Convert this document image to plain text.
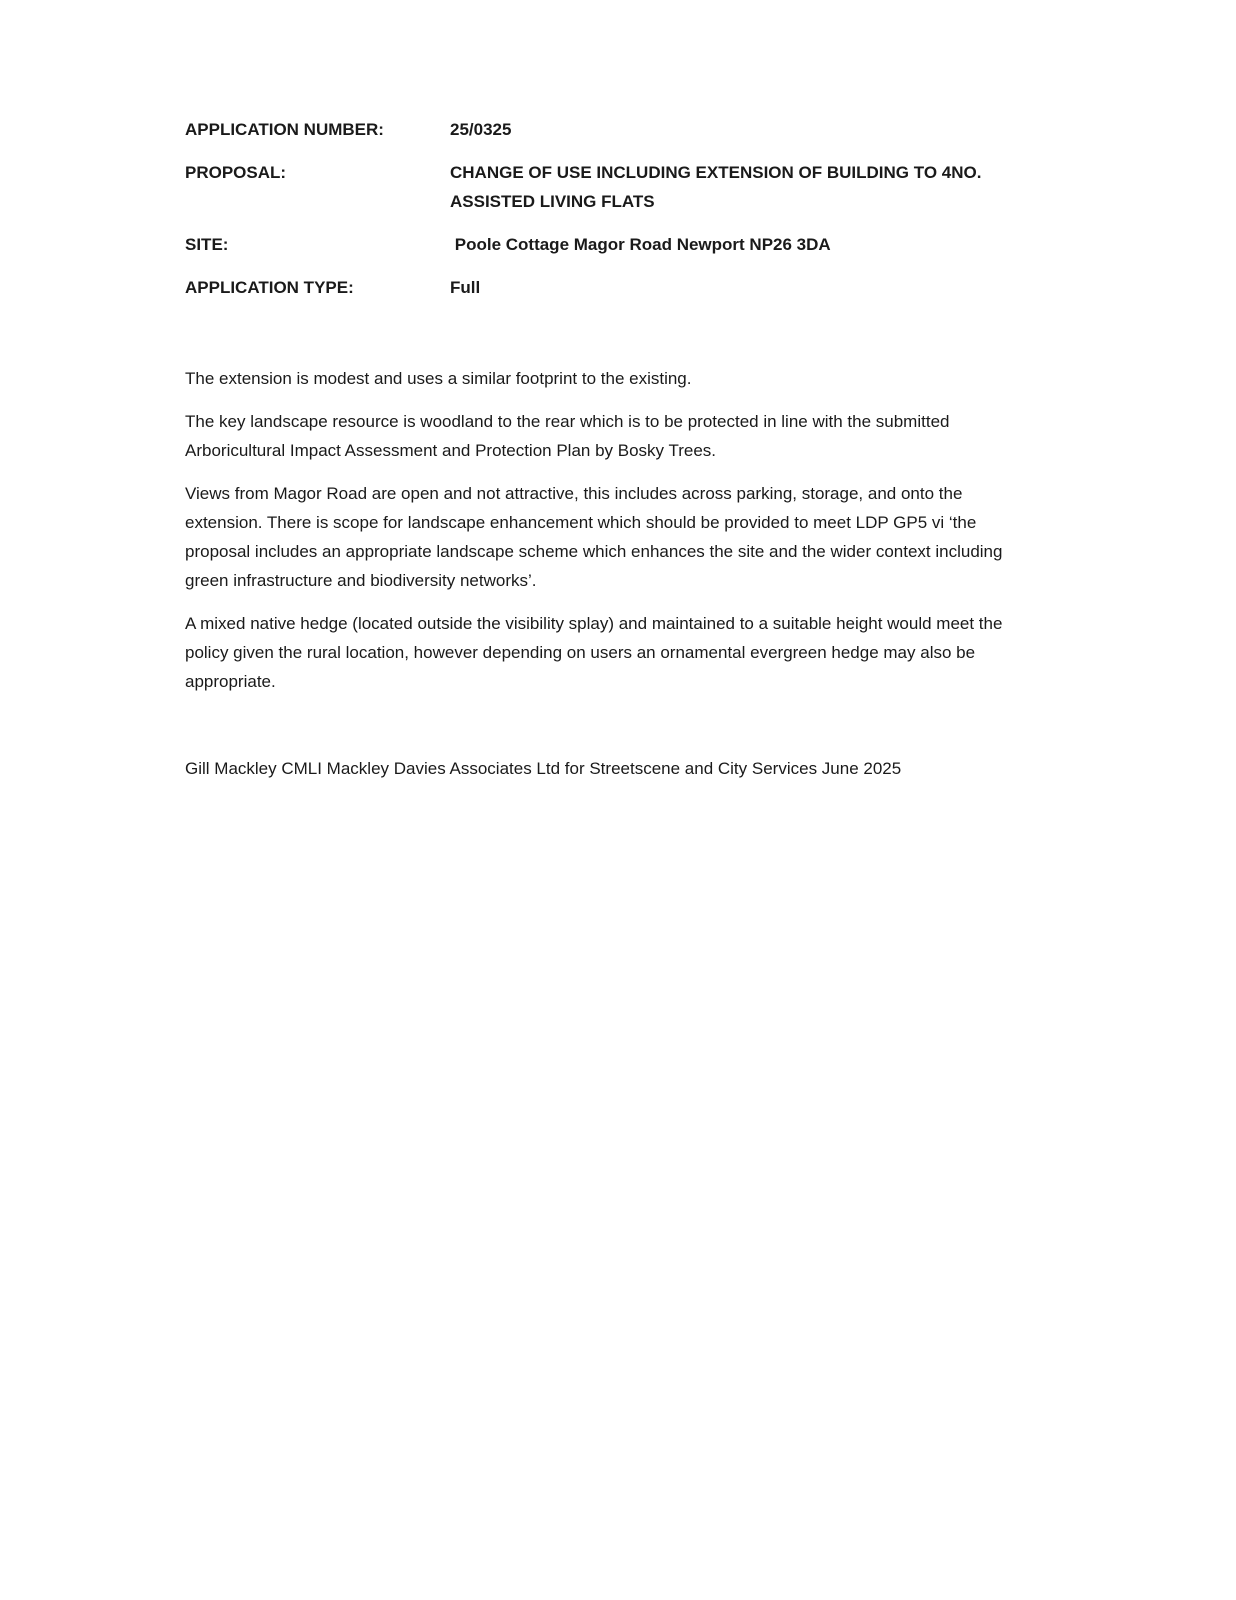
APPLICATION NUMBER:	25/0325
PROPOSAL:	CHANGE OF USE INCLUDING EXTENSION OF BUILDING TO 4NO. ASSISTED LIVING FLATS
SITE:	Poole Cottage Magor Road Newport NP26 3DA
APPLICATION TYPE:	Full

The extension is modest and uses a similar footprint to the existing.

The key landscape resource is woodland to the rear which is to be protected in line with the submitted Arboricultural Impact Assessment and Protection Plan by Bosky Trees.

Views from Magor Road are open and not attractive, this includes across parking, storage, and onto the extension. There is scope for landscape enhancement which should be provided to meet LDP GP5 vi ‘the proposal includes an appropriate landscape scheme which enhances the site and the wider context including green infrastructure and biodiversity networks’.

A mixed native hedge (located outside the visibility splay) and maintained to a suitable height would meet the policy given the rural location, however depending on users an ornamental evergreen hedge may also be appropriate.

Gill Mackley CMLI Mackley Davies Associates Ltd for Streetscene and City Services June 2025
